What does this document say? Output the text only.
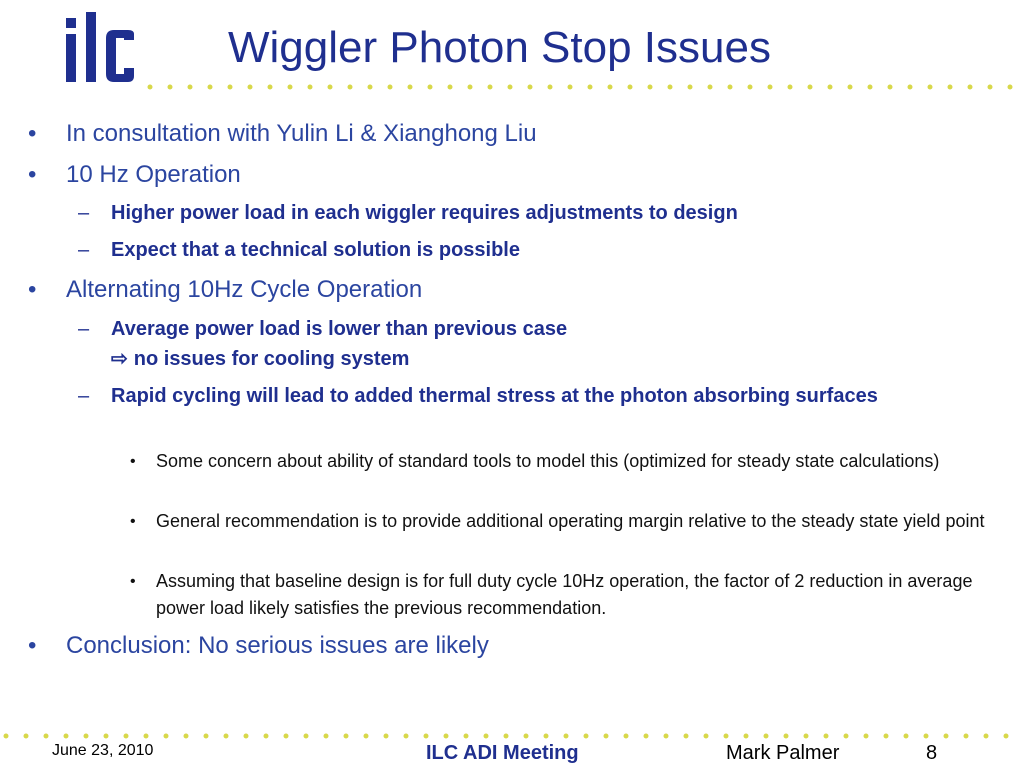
Wiggler Photon Stop Issues
• In consultation with Yulin Li & Xianghong Liu
• 10 Hz Operation
– Higher power load in each wiggler requires adjustments to design
– Expect that a technical solution is possible
• Alternating 10Hz Cycle Operation
– Average power load is lower than previous case
⇨ no issues for cooling system
– Rapid cycling will lead to added thermal stress at the photon absorbing surfaces
• Some concern about ability of standard tools to model this (optimized for steady state calculations)
• General recommendation is to provide additional operating margin relative to the steady state yield point
• Assuming that baseline design is for full duty cycle 10Hz operation, the factor of 2 reduction in average power load likely satisfies the previous recommendation.
• Conclusion: No serious issues are likely
June 23, 2010	ILC ADI Meeting	Mark Palmer	8
